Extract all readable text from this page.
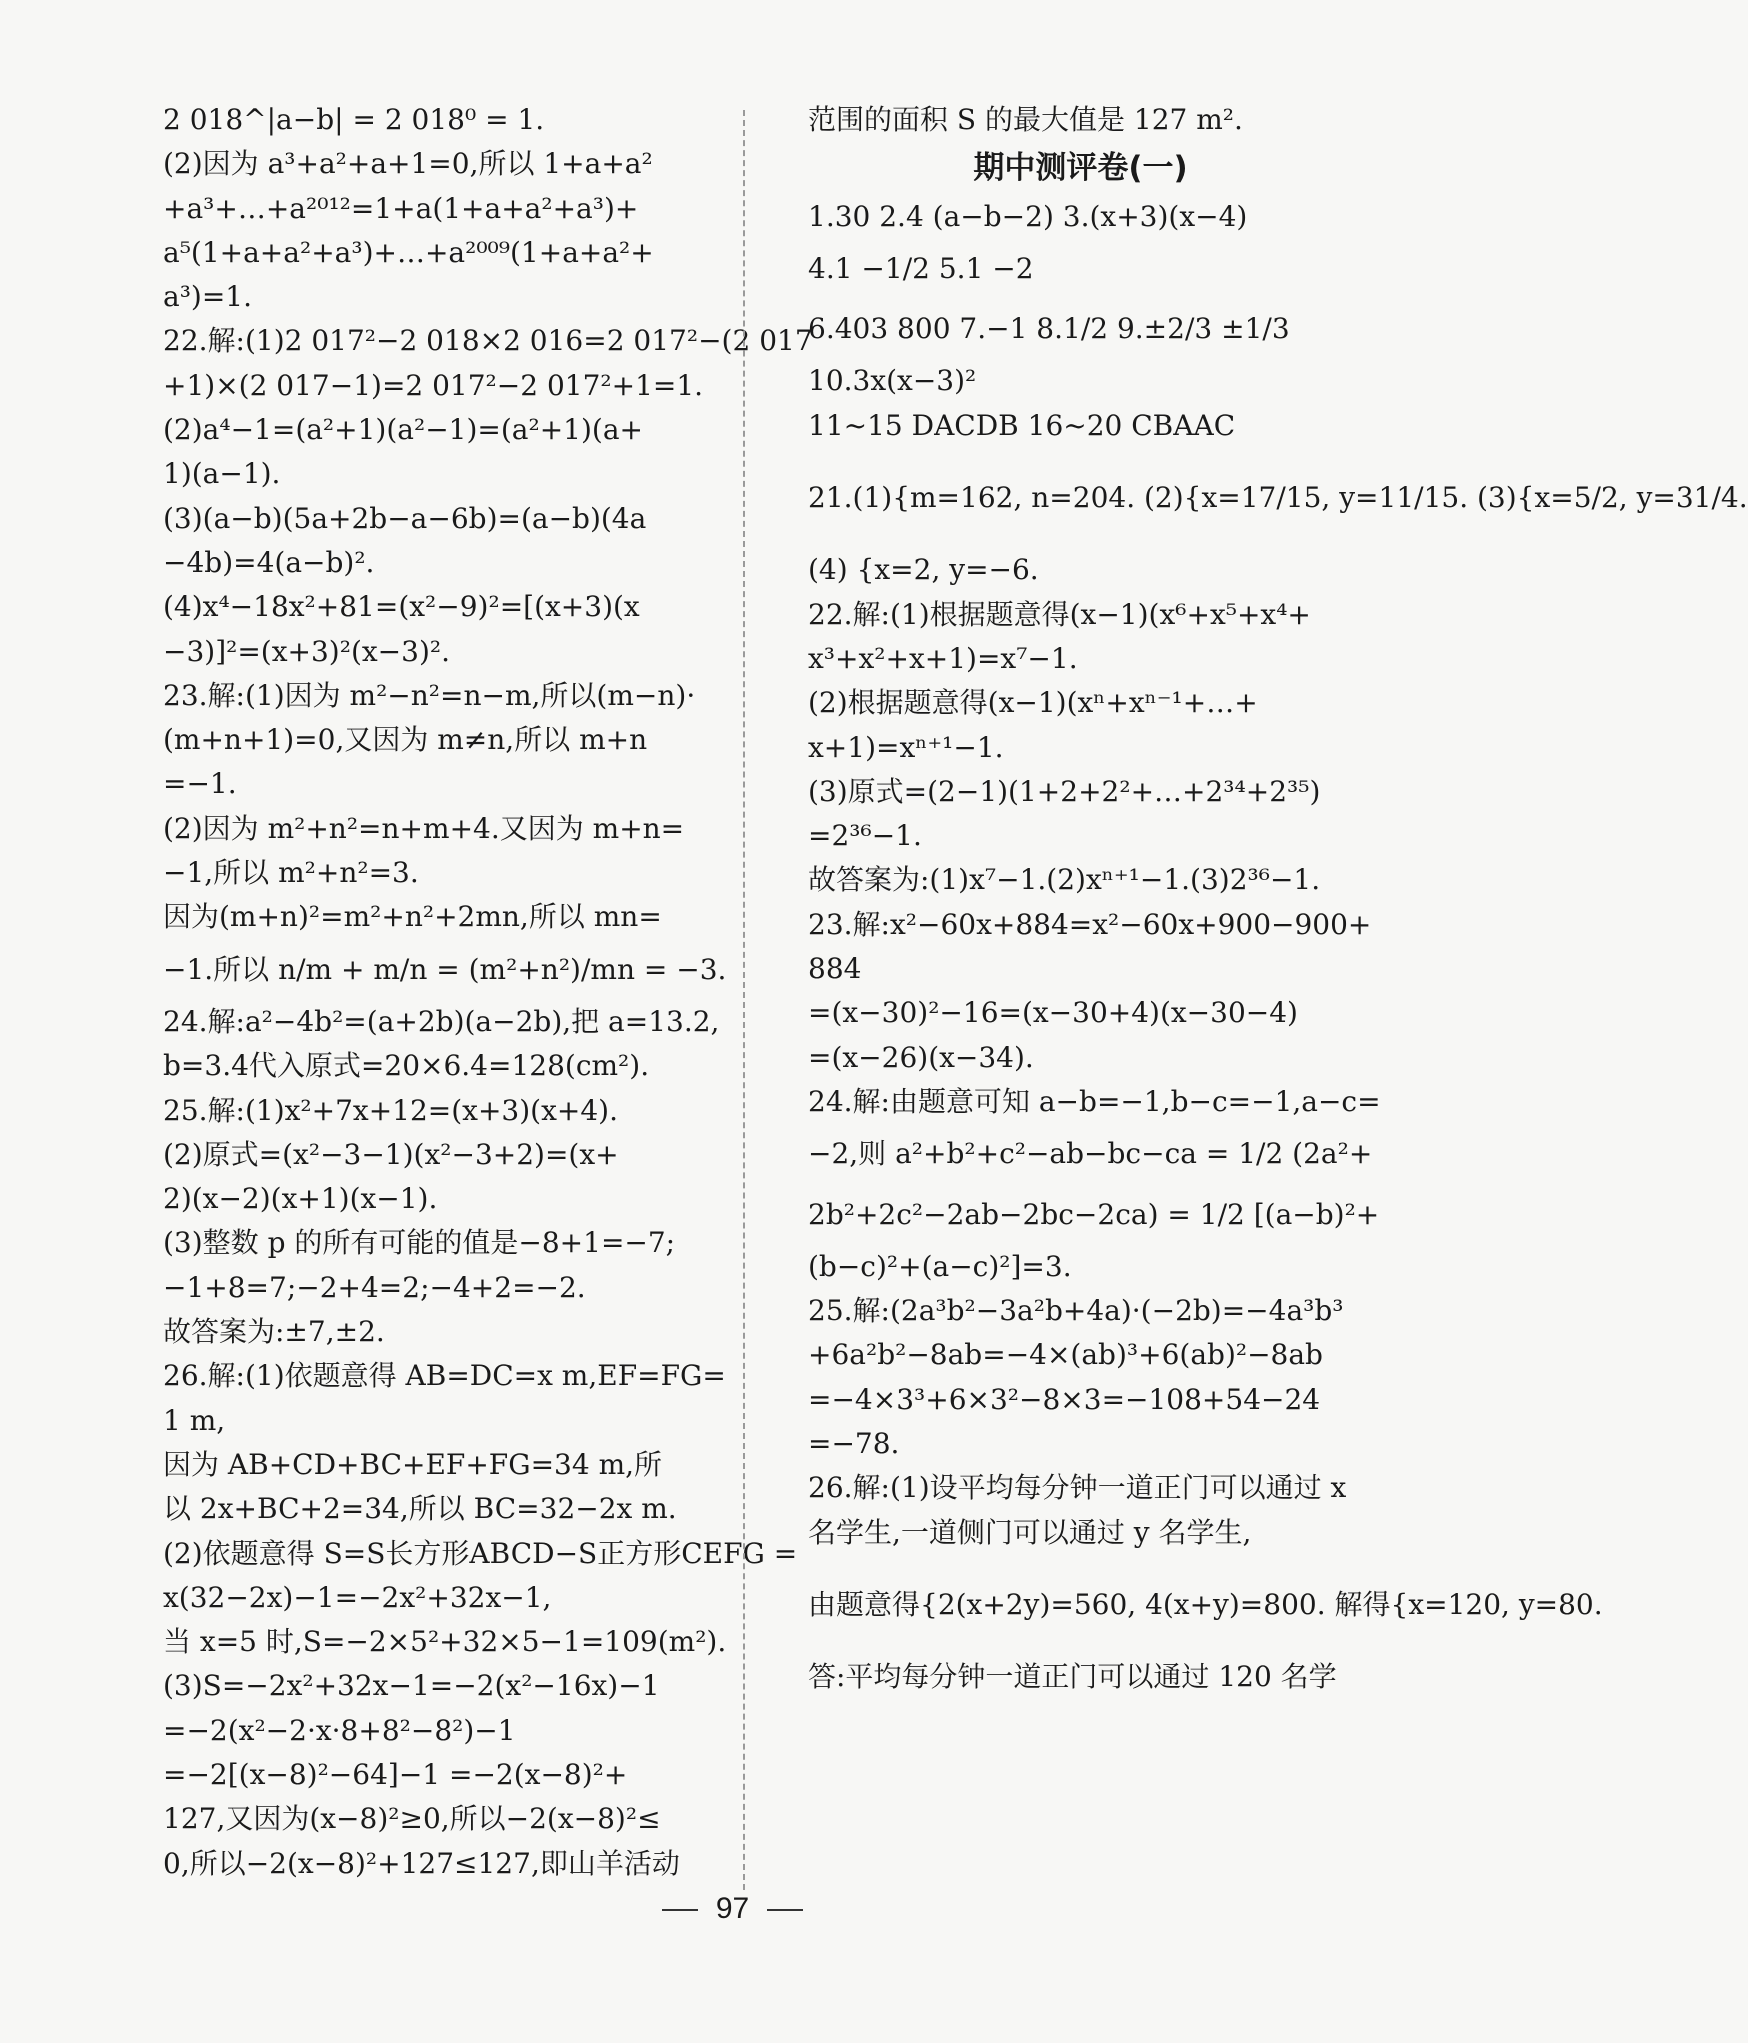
2 018^|a−b| = 2 018⁰ = 1.
(2)因为 a³+a²+a+1=0,所以 1+a+a²
+a³+…+a²⁰¹²=1+a(1+a+a²+a³)+
a⁵(1+a+a²+a³)+…+a²⁰⁰⁹(1+a+a²+
a³)=1.
22.解:(1)2 017²−2 018×2 016=2 017²−(2 017
+1)×(2 017−1)=2 017²−2 017²+1=1.
(2)a⁴−1=(a²+1)(a²−1)=(a²+1)(a+
1)(a−1).
(3)(a−b)(5a+2b−a−6b)=(a−b)(4a
−4b)=4(a−b)².
(4)x⁴−18x²+81=(x²−9)²=[(x+3)(x
−3)]²=(x+3)²(x−3)².
23.解:(1)因为 m²−n²=n−m,所以(m−n)·
(m+n+1)=0,又因为 m≠n,所以 m+n
=−1.
(2)因为 m²+n²=n+m+4.又因为 m+n=
−1,所以 m²+n²=3.
因为(m+n)²=m²+n²+2mn,所以 mn=
−1.所以 n/m + m/n = (m²+n²)/mn = −3.
24.解:a²−4b²=(a+2b)(a−2b),把 a=13.2,
b=3.4代入原式=20×6.4=128(cm²).
25.解:(1)x²+7x+12=(x+3)(x+4).
(2)原式=(x²−3−1)(x²−3+2)=(x+
2)(x−2)(x+1)(x−1).
(3)整数 p 的所有可能的值是−8+1=−7;
−1+8=7;−2+4=2;−4+2=−2.
故答案为:±7,±2.
26.解:(1)依题意得 AB=DC=x m,EF=FG=
1 m,
因为 AB+CD+BC+EF+FG=34 m,所
以 2x+BC+2=34,所以 BC=32−2x m.
(2)依题意得 S=S长方形ABCD−S正方形CEFG =
x(32−2x)−1=−2x²+32x−1,
当 x=5 时,S=−2×5²+32×5−1=109(m²).
(3)S=−2x²+32x−1=−2(x²−16x)−1
=−2(x²−2·x·8+8²−8²)−1
=−2[(x−8)²−64]−1 =−2(x−8)²+
127,又因为(x−8)²≥0,所以−2(x−8)²≤
0,所以−2(x−8)²+127≤127,即山羊活动
范围的面积 S 的最大值是 127 m².
期中测评卷(一)
1.30 2.4 (a−b−2) 3.(x+3)(x−4)
4.1 −1/2 5.1 −2
6.403 800 7.−1 8.1/2 9.±2/3 ±1/3
10.3x(x−3)²
11~15 DACDB 16~20 CBAAC
21.(1){m=162, n=204. (2){x=17/15, y=11/15. (3){x=5/2, y=31/4.
(4) {x=2, y=−6.
22.解:(1)根据题意得(x−1)(x⁶+x⁵+x⁴+
x³+x²+x+1)=x⁷−1.
(2)根据题意得(x−1)(xⁿ+xⁿ⁻¹+…+
x+1)=xⁿ⁺¹−1.
(3)原式=(2−1)(1+2+2²+…+2³⁴+2³⁵)
=2³⁶−1.
故答案为:(1)x⁷−1.(2)xⁿ⁺¹−1.(3)2³⁶−1.
23.解:x²−60x+884=x²−60x+900−900+
884
=(x−30)²−16=(x−30+4)(x−30−4)
=(x−26)(x−34).
24.解:由题意可知 a−b=−1,b−c=−1,a−c=
−2,则 a²+b²+c²−ab−bc−ca = 1/2 (2a²+
2b²+2c²−2ab−2bc−2ca) = 1/2 [(a−b)²+
(b−c)²+(a−c)²]=3.
25.解:(2a³b²−3a²b+4a)·(−2b)=−4a³b³
+6a²b²−8ab=−4×(ab)³+6(ab)²−8ab
=−4×3³+6×3²−8×3=−108+54−24
=−78.
26.解:(1)设平均每分钟一道正门可以通过 x
名学生,一道侧门可以通过 y 名学生,
由题意得{2(x+2y)=560, 4(x+y)=800. 解得{x=120, y=80.
答:平均每分钟一道正门可以通过 120 名学
97
